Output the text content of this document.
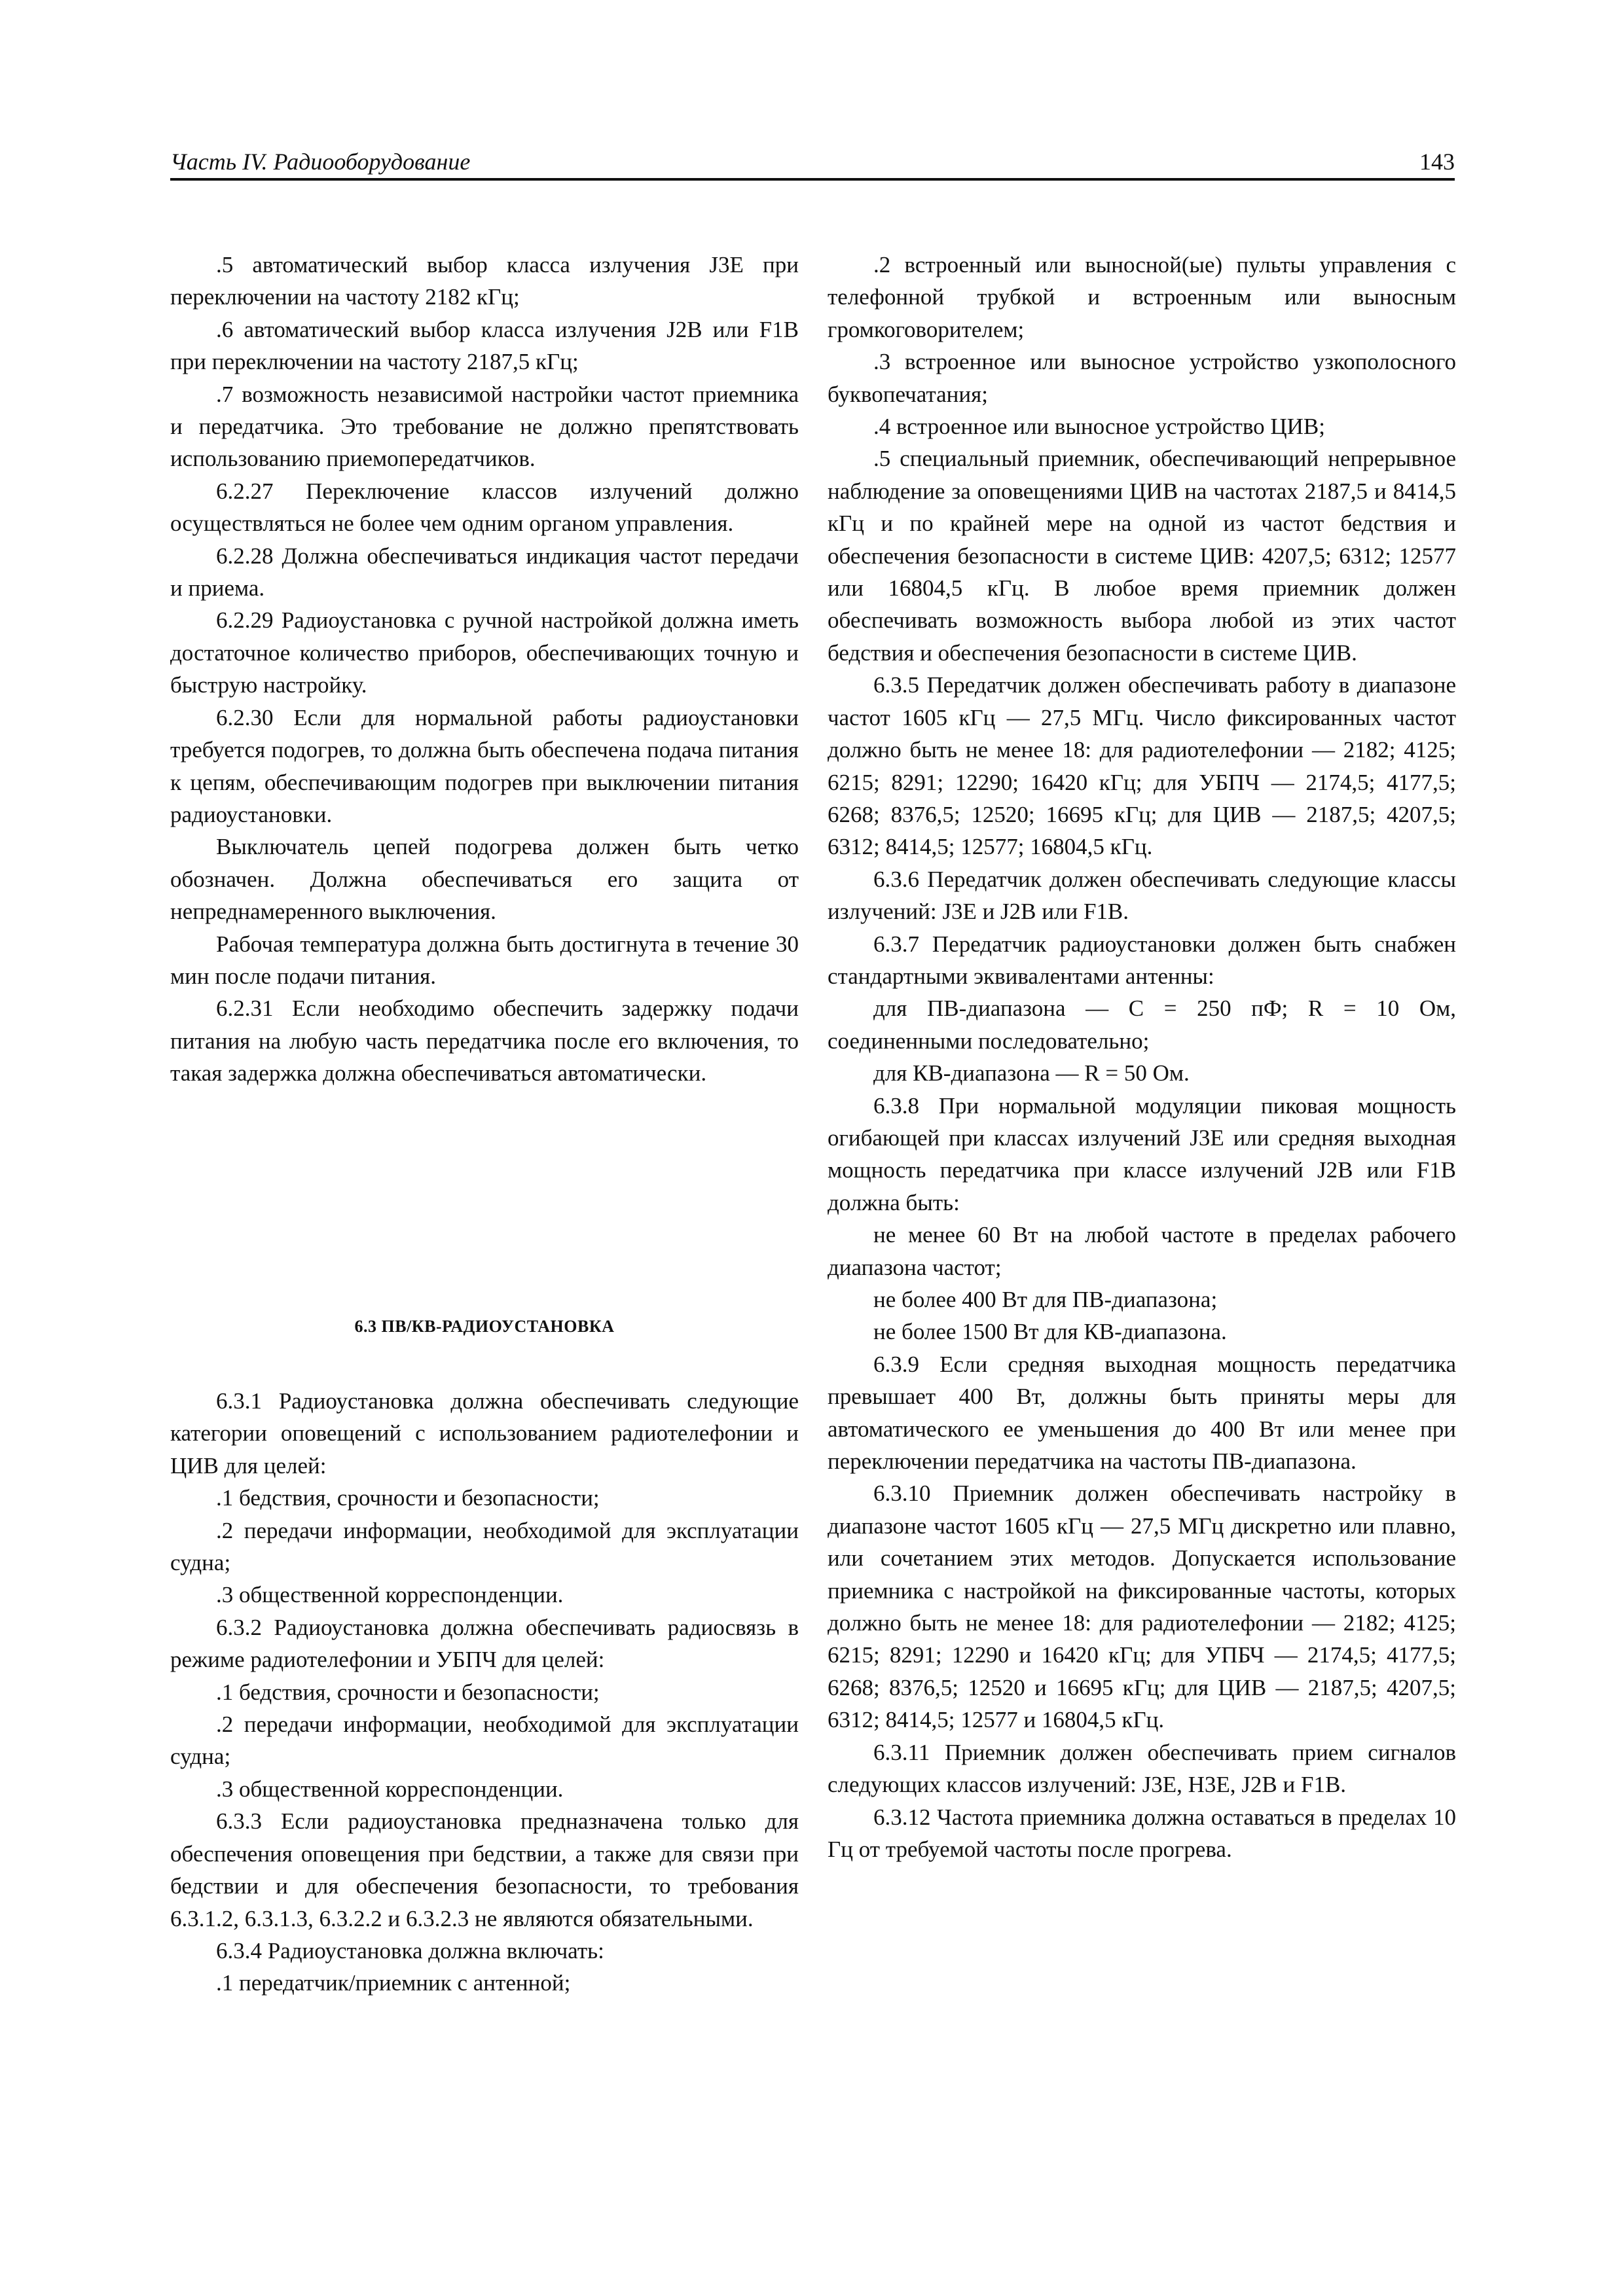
Часть IV. Радиооборудование	143

.5 автоматический выбор класса излучения J3E при переключении на частоту 2182 кГц;

.6 автоматический выбор класса излучения J2B или F1B при переключении на частоту 2187,5 кГц;

.7 возможность независимой настройки частот приемника и передатчика. Это требование не должно препятствовать использованию приемопередатчиков.

6.2.27 Переключение классов излучений должно осуществляться не более чем одним органом управления.

6.2.28 Должна обеспечиваться индикация частот передачи и приема.

6.2.29 Радиоустановка с ручной настройкой должна иметь достаточное количество приборов, обеспечивающих точную и быструю настройку.

6.2.30 Если для нормальной работы радиоустановки требуется подогрев, то должна быть обеспечена подача питания к цепям, обеспечивающим подогрев при выключении питания радиоустановки.

Выключатель цепей подогрева должен быть четко обозначен. Должна обеспечиваться его защита от непреднамеренного выключения.

Рабочая температура должна быть достигнута в течение 30 мин после подачи питания.

6.2.31 Если необходимо обеспечить задержку подачи питания на любую часть передатчика после его включения, то такая задержка должна обеспечиваться автоматически.

6.3 ПВ/КВ-РАДИОУСТАНОВКА

6.3.1 Радиоустановка должна обеспечивать следующие категории оповещений с использованием радиотелефонии и ЦИВ для целей:

.1 бедствия, срочности и безопасности;

.2 передачи информации, необходимой для эксплуатации судна;

.3 общественной корреспонденции.

6.3.2 Радиоустановка должна обеспечивать радиосвязь в режиме радиотелефонии и УБПЧ для целей:

.1 бедствия, срочности и безопасности;

.2 передачи информации, необходимой для эксплуатации судна;

.3 общественной корреспонденции.

6.3.3 Если радиоустановка предназначена только для обеспечения оповещения при бедствии, а также для связи при бедствии и для обеспечения безопасности, то требования 6.3.1.2, 6.3.1.3, 6.3.2.2 и 6.3.2.3 не являются обязательными.

6.3.4 Радиоустановка должна включать:

.1 передатчик/приемник с антенной;

.2 встроенный или выносной(ые) пульты управления с телефонной трубкой и встроенным или выносным громкоговорителем;

.3 встроенное или выносное устройство узкополосного буквопечатания;

.4 встроенное или выносное устройство ЦИВ;

.5 специальный приемник, обеспечивающий непрерывное наблюдение за оповещениями ЦИВ на частотах 2187,5 и 8414,5 кГц и по крайней мере на одной из частот бедствия и обеспечения безопасности в системе ЦИВ: 4207,5; 6312; 12577 или 16804,5 кГц. В любое время приемник должен обеспечивать возможность выбора любой из этих частот бедствия и обеспечения безопасности в системе ЦИВ.

6.3.5 Передатчик должен обеспечивать работу в диапазоне частот 1605 кГц — 27,5 МГц. Число фиксированных частот должно быть не менее 18: для радиотелефонии — 2182; 4125; 6215; 8291; 12290; 16420 кГц; для УБПЧ — 2174,5; 4177,5; 6268; 8376,5; 12520; 16695 кГц; для ЦИВ — 2187,5; 4207,5; 6312; 8414,5; 12577; 16804,5 кГц.

6.3.6 Передатчик должен обеспечивать следующие классы излучений: J3E и J2B или F1B.

6.3.7 Передатчик радиоустановки должен быть снабжен стандартными эквивалентами антенны:

для ПВ-диапазона — C = 250 пФ; R = 10 Ом, соединенными последовательно;

для КВ-диапазона — R = 50 Ом.

6.3.8 При нормальной модуляции пиковая мощность огибающей при классах излучений J3E или средняя выходная мощность передатчика при классе излучений J2B или F1B должна быть:

не менее 60 Вт на любой частоте в пределах рабочего диапазона частот;

не более 400 Вт для ПВ-диапазона;

не более 1500 Вт для КВ-диапазона.

6.3.9 Если средняя выходная мощность передатчика превышает 400 Вт, должны быть приняты меры для автоматического ее уменьшения до 400 Вт или менее при переключении передатчика на частоты ПВ-диапазона.

6.3.10 Приемник должен обеспечивать настройку в диапазоне частот 1605 кГц — 27,5 МГц дискретно или плавно, или сочетанием этих методов. Допускается использование приемника с настройкой на фиксированные частоты, которых должно быть не менее 18: для радиотелефонии — 2182; 4125; 6215; 8291; 12290 и 16420 кГц; для УПБЧ — 2174,5; 4177,5; 6268; 8376,5; 12520 и 16695 кГц; для ЦИВ — 2187,5; 4207,5; 6312; 8414,5; 12577 и 16804,5 кГц.

6.3.11 Приемник должен обеспечивать прием сигналов следующих классов излучений: J3E, H3E, J2B и F1B.

6.3.12 Частота приемника должна оставаться в пределах 10 Гц от требуемой частоты после прогрева.
